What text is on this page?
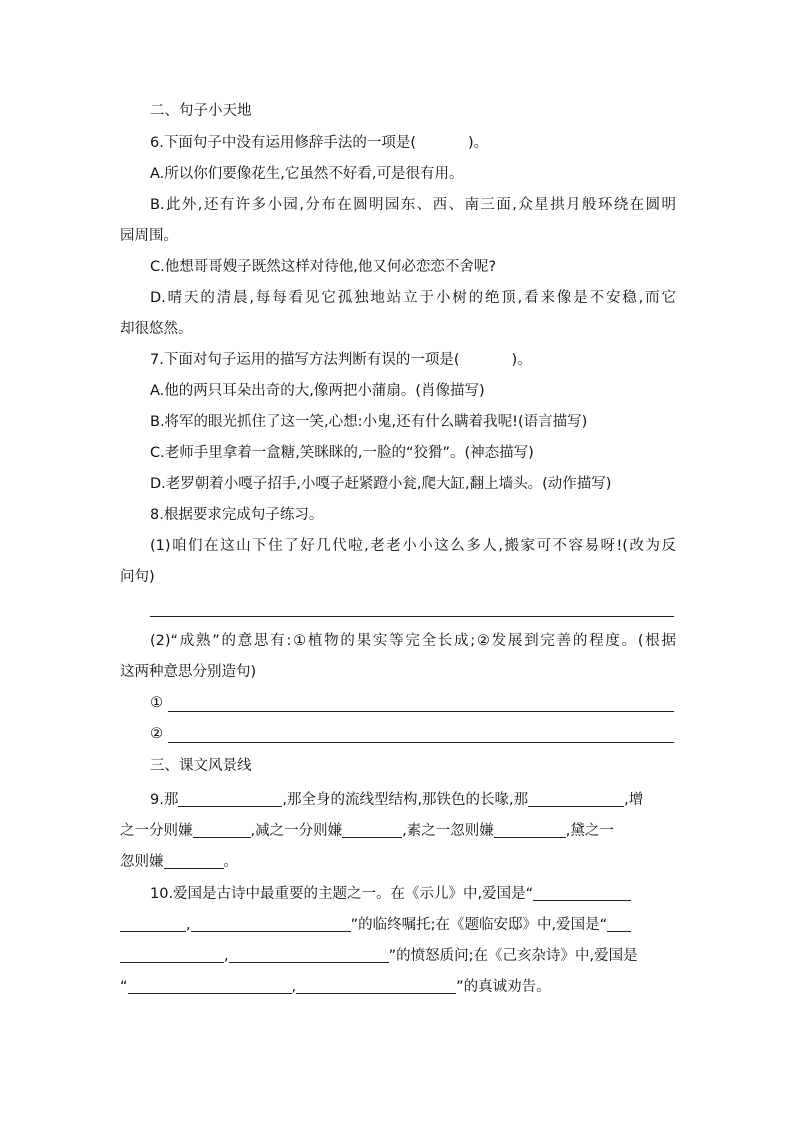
二、句子小天地
6.下面句子中没有运用修辞手法的一项是(	)。
A.所以你们要像花生,它虽然不好看,可是很有用。
B.此外,还有许多小园,分布在圆明园东、西、南三面,众星拱月般环绕在圆明
园周围。
C.他想哥哥嫂子既然这样对待他,他又何必恋恋不舍呢?
D.晴天的清晨,每每看见它孤独地站立于小树的绝顶,看来像是不安稳,而它
却很悠然。
7.下面对句子运用的描写方法判断有误的一项是(	)。
A.他的两只耳朵出奇的大,像两把小蒲扇。(肖像描写)
B.将军的眼光抓住了这一笑,心想:小鬼,还有什么瞒着我呢!(语言描写)
C.老师手里拿着一盒糖,笑眯眯的,一脸的“狡猾”。(神态描写)
D.老罗朝着小嘎子招手,小嘎子赶紧蹬小瓮,爬大缸,翻上墙头。(动作描写)
8.根据要求完成句子练习。
(1)咱们在这山下住了好几代啦,老老小小这么多人,搬家可不容易呀!(改为反
问句)
(2)“成熟”的意思有:①植物的果实等完全长成;②发展到完善的程度。(根据
这两种意思分别造句)
①
②
三、课文风景线
9.那	,那全身的流线型结构,那铁色的长喙,那	,增
之一分则嫌	,减之一分则嫌	,素之一忽则嫌	,黛之一
忽则嫌	。
10.爱国是古诗中最重要的主题之一。在《示儿》中,爱国是“
,	”的临终嘱托;在《题临安邸》中,爱国是“
,	”的愤怒质问;在《己亥杂诗》中,爱国是
“	,	”的真诚劝告。
